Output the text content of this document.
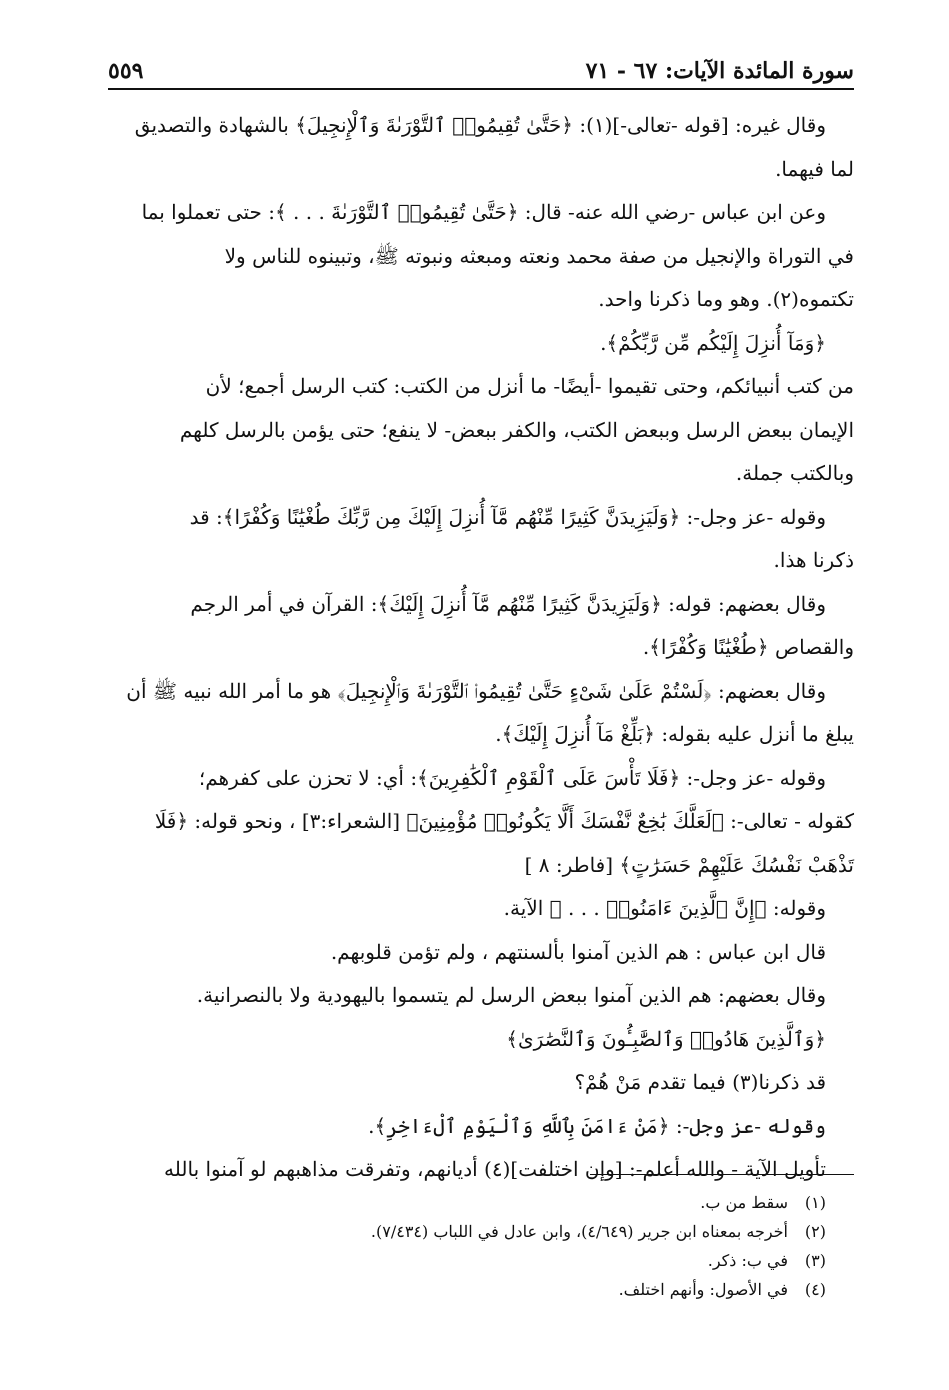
سورة المائدة الآيات: ٦٧ - ٧١
٥٥٩

وقال غيره: [قوله -تعالى-](١): ﴿حَتَّىٰ تُقِيمُوا۟ ٱلتَّوْرَىٰةَ وَٱلْإِنجِيلَ﴾ بالشهادة والتصديق

لما فيهما.

وعن ابن عباس -رضي الله عنه- قال: ﴿حَتَّىٰ تُقِيمُوا۟ ٱلتَّوْرَىٰةَ . . . ﴾: حتى تعملوا بما

في التوراة والإنجيل من صفة محمد ونعته ومبعثه ونبوته ﷺ، وتبينوه للناس ولا

تكتموه(٢). وهو وما ذكرنا واحد.

﴿وَمَآ أُنزِلَ إِلَيْكُم مِّن رَّبِّكُمْ﴾.

من كتب أنبيائكم، وحتى تقيموا -أيضًا- ما أنزل من الكتب: كتب الرسل أجمع؛ لأن

الإيمان ببعض الرسل وببعض الكتب، والكفر ببعض- لا ينفع؛ حتى يؤمن بالرسل كلهم

وبالكتب جملة.

وقوله -عز وجل-: ﴿وَلَيَزِيدَنَّ كَثِيرًا مِّنْهُم مَّآ أُنزِلَ إِلَيْكَ مِن رَّبِّكَ طُغْيَٰنًا وَكُفْرًا﴾: قد

ذكرنا هذا.

وقال بعضهم: قوله: ﴿وَلَيَزِيدَنَّ كَثِيرًا مِّنْهُم مَّآ أُنزِلَ إِلَيْكَ﴾: القرآن في أمر الرجم

والقصاص ﴿طُغْيَٰنًا وَكُفْرًا﴾.

وقال بعضهم: ﴿لَسْتُمْ عَلَىٰ شَىْءٍ حَتَّىٰ تُقِيمُوا۟ ٱلتَّوْرَىٰةَ وَٱلْإِنجِيلَ﴾ هو ما أمر الله نبيه ﷺ أن

يبلغ ما أنزل عليه بقوله: ﴿بَلِّغْ مَآ أُنزِلَ إِلَيْكَ﴾.

وقوله -عز وجل-: ﴿فَلَا تَأْسَ عَلَى ٱلْقَوْمِ ٱلْكَٰفِرِينَ﴾: أي: لا تحزن على كفرهم؛

كقوله - تعالى-: ﴿لَعَلَّكَ بَٰخِعٌ نَّفْسَكَ أَلَّا يَكُونُوا۟ مُؤْمِنِينَ﴾ [الشعراء:٣] ، ونحو قوله: ﴿فَلَا

تَذْهَبْ نَفْسُكَ عَلَيْهِمْ حَسَرَٰتٍ﴾ [فاطر: ٨ ]

وقوله: ﴿إِنَّ ٱلَّذِينَ ءَامَنُوا۟ . . . ﴾ الآية.

قال ابن عباس : هم الذين آمنوا بألسنتهم ، ولم تؤمن قلوبهم.

وقال بعضهم: هم الذين آمنوا ببعض الرسل لم يتسموا باليهودية ولا بالنصرانية.

﴿وَٱلَّذِينَ هَادُوا۟ وَٱلصَّٰبِـُٔونَ وَٱلنَّصَٰرَىٰ﴾

قد ذكرنا(٣) فيما تقدم مَنْ هُمْ؟

وقوله -عز وجل-: ﴿مَنْ ءَامَنَ بِٱللَّهِ وَٱلْيَوْمِ ٱلْءَاخِرِ﴾.

تأويل الآية - والله أعلم-: [وإن اختلفت](٤) أديانهم، وتفرقت مذاهبهم لو آمنوا بالله

(١)سقط من ب.

(٢)أخرجه بمعناه ابن جرير (٤/٦٤٩)، وابن عادل في اللباب (٧/٤٣٤).

(٣)في ب: ذكر.

(٤)في الأصول: وأنهم اختلف.
